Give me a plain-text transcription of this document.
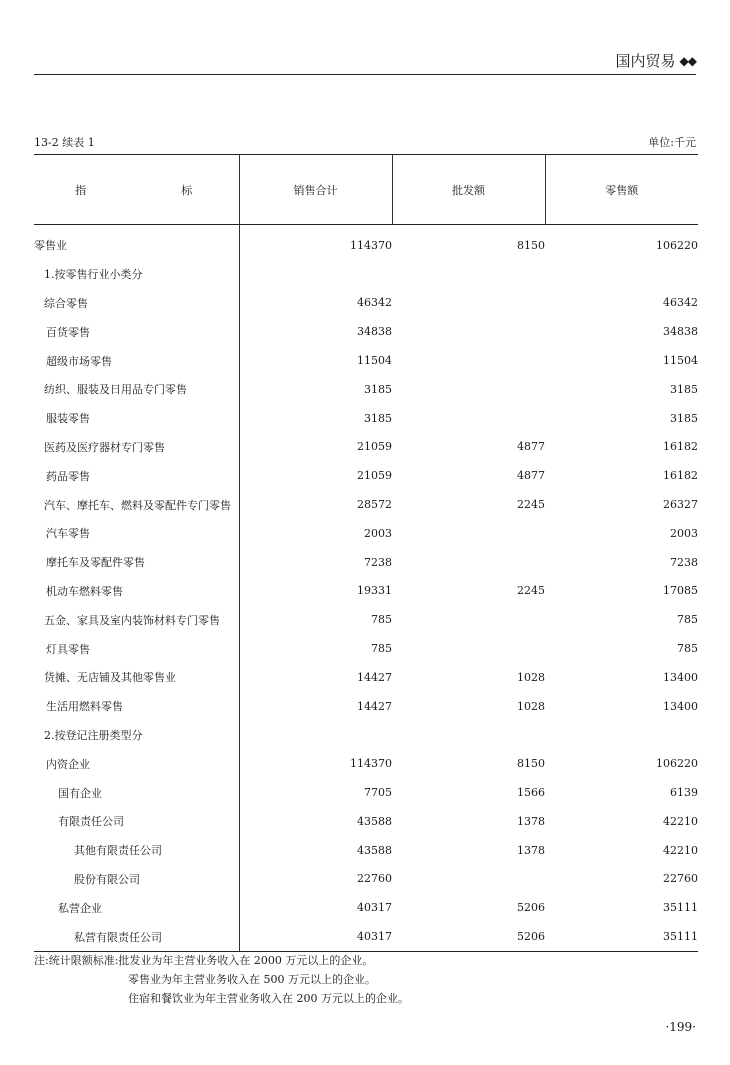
国内贸易 ◆◆
13-2 续表 1	单位:千元
指　标	销售合计	批发额	零售额
零售业	114370	8150	106220
1.按零售行业小类分			
综合零售	46342		46342
百货零售	34838		34838
超级市场零售	11504		11504
纺织、服装及日用品专门零售	3185		3185
服装零售	3185		3185
医药及医疗器材专门零售	21059	4877	16182
药品零售	21059	4877	16182
汽车、摩托车、燃料及零配件专门零售	28572	2245	26327
汽车零售	2003		2003
摩托车及零配件零售	7238		7238
机动车燃料零售	19331	2245	17085
五金、家具及室内装饰材料专门零售	785		785
灯具零售	785		785
货摊、无店铺及其他零售业	14427	1028	13400
生活用燃料零售	14427	1028	13400
2.按登记注册类型分			
内资企业	114370	8150	106220
国有企业	7705	1566	6139
有限责任公司	43588	1378	42210
其他有限责任公司	43588	1378	42210
股份有限公司	22760		22760
私营企业	40317	5206	35111
私营有限责任公司	40317	5206	35111
注:统计限额标准:批发业为年主营业务收入在 2000 万元以上的企业。
零售业为年主营业务收入在 500 万元以上的企业。
住宿和餐饮业为年主营业务收入在 200 万元以上的企业。
·199·
